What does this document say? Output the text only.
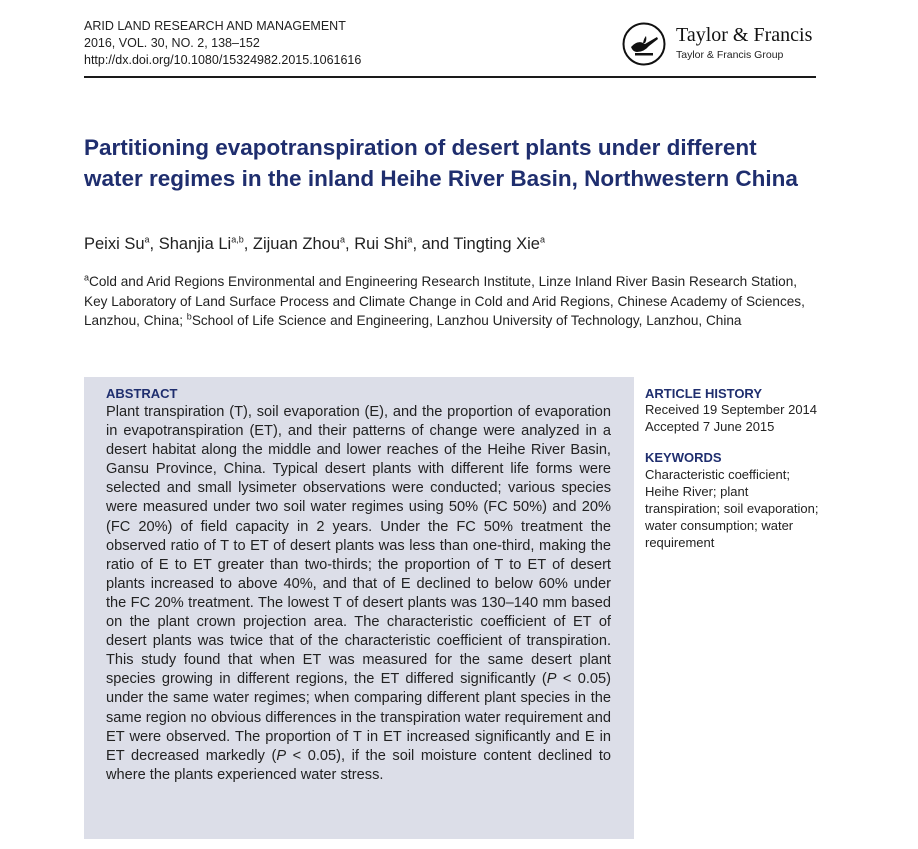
ARID LAND RESEARCH AND MANAGEMENT
2016, VOL. 30, NO. 2, 138–152
http://dx.doi.org/10.1080/15324982.2015.1061616
Taylor & Francis
Taylor & Francis Group
Partitioning evapotranspiration of desert plants under different water regimes in the inland Heihe River Basin, Northwestern China
Peixi Su$^a$, Shanjia Li$^{a,b}$, Zijuan Zhou$^a$, Rui Shi$^a$, and Tingting Xie$^a$
$^a$Cold and Arid Regions Environmental and Engineering Research Institute, Linze Inland River Basin Research Station, Key Laboratory of Land Surface Process and Climate Change in Cold and Arid Regions, Chinese Academy of Sciences, Lanzhou, China; $^b$School of Life Science and Engineering, Lanzhou University of Technology, Lanzhou, China
ABSTRACT
Plant transpiration (T), soil evaporation (E), and the proportion of evaporation in evapotranspiration (ET), and their patterns of change were analyzed in a desert habitat along the middle and lower reaches of the Heihe River Basin, Gansu Province, China. Typical desert plants with different life forms were selected and small lysimeter observations were conducted; various species were measured under two soil water regimes using 50% (FC 50%) and 20% (FC 20%) of field capacity in 2 years. Under the FC 50% treatment the observed ratio of T to ET of desert plants was less than one-third, making the ratio of E to ET greater than two-thirds; the proportion of T to ET of desert plants increased to above 40%, and that of E declined to below 60% under the FC 20% treatment. The lowest T of desert plants was 130–140 mm based on the plant crown projection area. The characteristic coefficient of ET of desert plants was twice that of the characteristic coefficient of transpiration. This study found that when ET was measured for the same desert plant species growing in different regions, the ET differed significantly (P < 0.05) under the same water regimes; when comparing different plant species in the same region no obvious differences in the transpiration water requirement and ET were observed. The proportion of T in ET increased significantly and E in ET decreased markedly (P < 0.05), if the soil moisture content declined to where the plants experienced water stress.
ARTICLE HISTORY
Received 19 September 2014 Accepted 7 June 2015
KEYWORDS
Characteristic coefficient; Heihe River; plant transpiration; soil evaporation; water consumption; water requirement
